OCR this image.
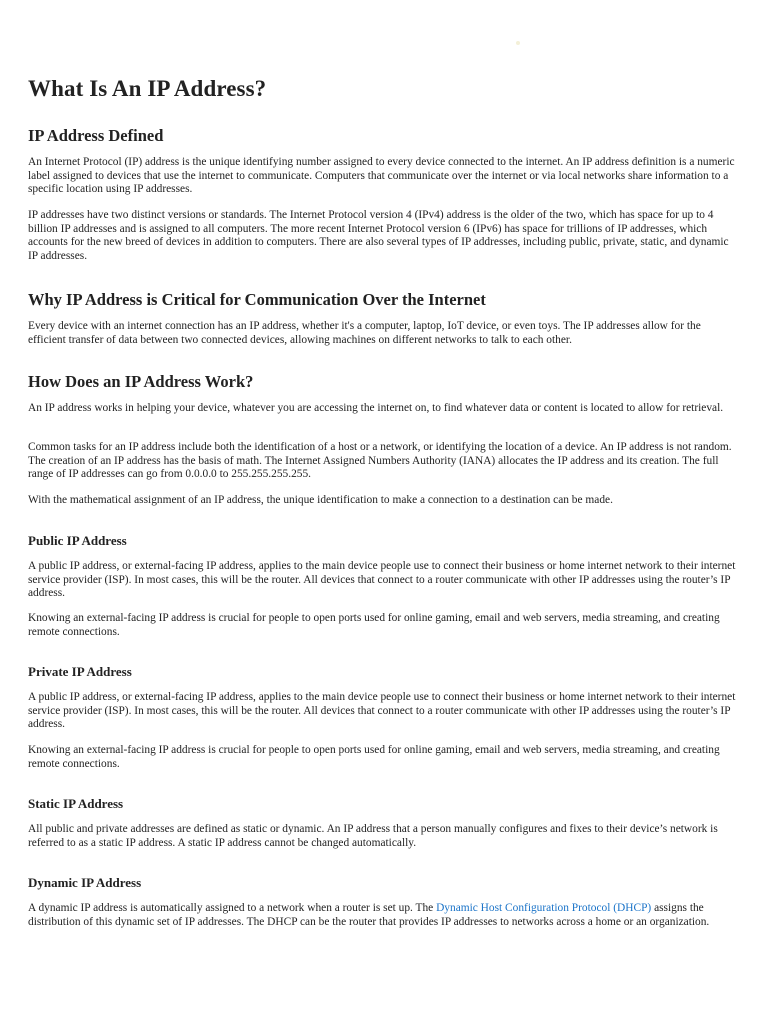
What Is An IP Address?
IP Address Defined

An Internet Protocol (IP) address is the unique identifying number assigned to every device connected to the internet. An IP address definition is a numeric label assigned to devices that use the internet to communicate. Computers that communicate over the internet or via local networks share information to a specific location using IP addresses.

IP addresses have two distinct versions or standards. The Internet Protocol version 4 (IPv4) address is the older of the two, which has space for up to 4 billion IP addresses and is assigned to all computers. The more recent Internet Protocol version 6 (IPv6) has space for trillions of IP addresses, which accounts for the new breed of devices in addition to computers. There are also several types of IP addresses, including public, private, static, and dynamic IP addresses.

Why IP Address is Critical for Communication Over the Internet

Every device with an internet connection has an IP address, whether it's a computer, laptop, IoT device, or even toys. The IP addresses allow for the efficient transfer of data between two connected devices, allowing machines on different networks to talk to each other.

How Does an IP Address Work?

An IP address works in helping your device, whatever you are accessing the internet on, to find whatever data or content is located to allow for retrieval.

Common tasks for an IP address include both the identification of a host or a network, or identifying the location of a device. An IP address is not random. The creation of an IP address has the basis of math. The Internet Assigned Numbers Authority (IANA) allocates the IP address and its creation. The full range of IP addresses can go from 0.0.0.0 to 255.255.255.255.

With the mathematical assignment of an IP address, the unique identification to make a connection to a destination can be made.

Public IP Address

A public IP address, or external-facing IP address, applies to the main device people use to connect their business or home internet network to their internet service provider (ISP). In most cases, this will be the router. All devices that connect to a router communicate with other IP addresses using the router’s IP address.

Knowing an external-facing IP address is crucial for people to open ports used for online gaming, email and web servers, media streaming, and creating remote connections.

Private IP Address

A public IP address, or external-facing IP address, applies to the main device people use to connect their business or home internet network to their internet service provider (ISP). In most cases, this will be the router. All devices that connect to a router communicate with other IP addresses using the router’s IP address.

Knowing an external-facing IP address is crucial for people to open ports used for online gaming, email and web servers, media streaming, and creating remote connections.

Static IP Address

All public and private addresses are defined as static or dynamic. An IP address that a person manually configures and fixes to their device’s network is referred to as a static IP address. A static IP address cannot be changed automatically.

Dynamic IP Address

A dynamic IP address is automatically assigned to a network when a router is set up. The Dynamic Host Configuration Protocol (DHCP) assigns the distribution of this dynamic set of IP addresses. The DHCP can be the router that provides IP addresses to networks across a home or an organization.
